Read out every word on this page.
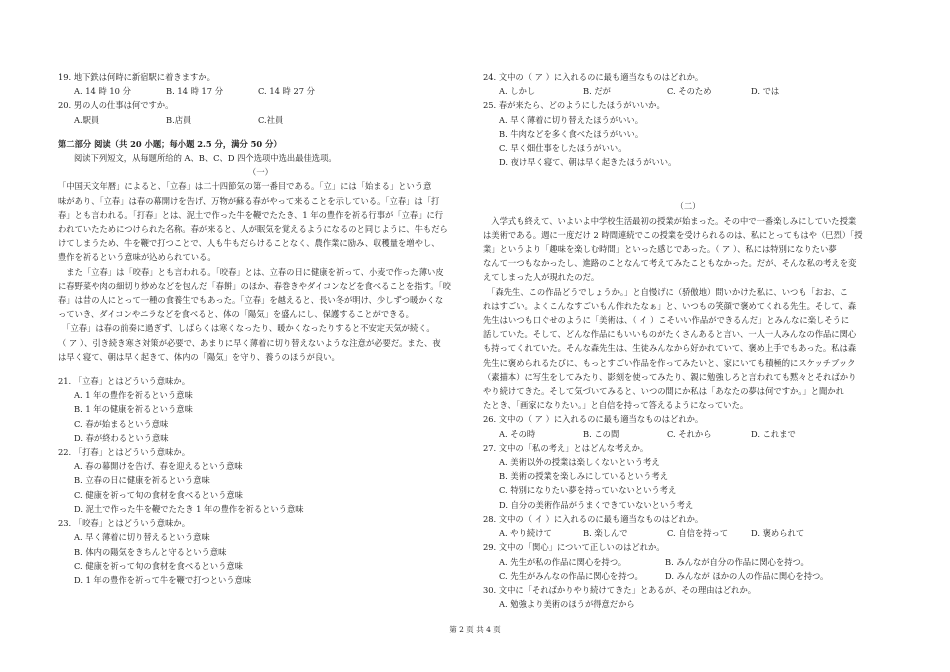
19. 地下鉄は何時に新宿駅に着きますか。
A. 14 時 10 分	B. 14 時 17 分	C. 14 時 27 分
20. 男の人の仕事は何ですか。
A.駅員	B.店員	C.社員
第二部分 阅读（共 20 小题；每小题 2.5 分，满分 50 分）
阅读下列短文，从每题所给的 A、B、C、D 四个选项中选出最佳选项。
（一）
「中国天文年暦」によると、「立春」は二十四節気の第一番目である。「立」には「始まる」という意
味があり、「立春」は春の幕開けを告げ、万物が蘇る春がやって来ることを示している。「立春」は「打
春」とも言われる。「打春」とは、泥土で作った牛を鞭でたたき、1 年の豊作を祈る行事が「立春」に行
われていたためにつけられた名称。春が来ると、人が眠気を覚えるようになるのと同じように、牛もだら
けてしまうため、牛を鞭で打つことで、人も牛もだらけることなく、農作業に励み、収穫量を増やし、
豊作を祈るという意味が込められている。
　また「立春」は「咬春」とも言われる。「咬春」とは、立春の日に健康を祈って、小麦で作った薄い皮
に春野菜や肉の細切り炒めなどを包んだ「春餅」のほか、春巻きやダイコンなどを食べることを指す。「咬
春」は昔の人にとって一種の食養生でもあった。「立春」を越えると、長い冬が明け、少しずつ暖かくな
っていき、ダイコンやニラなどを食べると、体の「陽気」を盛んにし、保護することができる。
　「立春」は春の前奏に過ぎず、しばらくは寒くなったり、暖かくなったりすると不安定天気が続く。
（ ア ）、引き続き寒さ対策が必要で、あまりに早く薄着に切り替えないような注意が必要だ。また、夜
は早く寝て、朝は早く起きて、体内の「陽気」を守り、養うのほうが良い。
21. 「立春」とはどういう意味か。
A. 1 年の豊作を祈るという意味
B. 1 年の健康を祈るという意味
C. 春が始まるという意味
D. 春が終わるという意味
22. 「打春」とはどういう意味か。
A. 春の幕開けを告げ、春を迎えるという意味
B. 立春の日に健康を祈るという意味
C. 健康を祈って旬の食材を食べるという意味
D. 泥土で作った牛を鞭でたたき 1 年の豊作を祈るという意味
23. 「咬春」とはどういう意味か。
A. 早く薄着に切り替えるという意味
B. 体内の陽気をきちんと守るという意味
C. 健康を祈って旬の食材を食べるという意味
D. 1 年の豊作を祈って牛を鞭で打つという意味
24. 文中の（ ア ）に入れるのに最も適当なものはどれか。
A. しかし	B. だが	C. そのため	D. では
25. 春が来たら、どのようにしたほうがいいか。
A. 早く薄着に切り替えたほうがいい。
B. 牛肉などを多く食べたほうがいい。
C. 早く畑仕事をしたほうがいい。
D. 夜け早く寝て、朝は早く起きたほうがいい。
（二）
　入学式も終えて、いよいよ中学校生活最初の授業が始まった。その中で一番楽しみにしていた授業
は美術である。週に一度だけ 2 時間連続でこの授業を受けられるのは、私にとってもはや（巳烈）「授
業」というより「趣味を楽しむ時間」といった感じであった。（ ア ）、私には特別になりたい夢
なんて一つもなかったし、進路のことなんて考えてみたこともなかった。だが、そんな私の考えを変
えてしまった人が現れたのだ。
　「森先生、この作品どうでしょうか。」と自慢げに（骄傲地）問いかけた私に、いつも「おお、こ
れはすごい。よくこんなすごいもん作れたなぁ」と、いつもの笑顔で褒めてくれる先生。そして、森
先生はいつも口ぐせのように「美術は、（ イ ）こそいい作品ができるんだ」とみんなに楽しそうに
話していた。そして、どんな作品にもいいものがたくさんあると言い、一人一人みんなの作品に関心
も持ってくれていた。そんな森先生は、生徒みんなから好かれていて、褒め上手でもあった。私は森
先生に褒められるたびに、もっとすごい作品を作ってみたいと、家にいても積極的にスケッチブック
（素描本）に写生をしてみたり、影刻を使ってみたり、親に勉強しろと言われても黙々とそればかり
やり続けてきた。そして気づいてみると、いつの間にか私は「あなたの夢は何ですか。」と聞かれ
たとき、「画家になりたい。」と自信を持って答えるようになっていた。
26. 文中の（ ア ）に入れるのに最も適当なものはどれか。
A. その時	B. この間	C. それから	D. これまで
27. 文中の「私の考え」とはどんな考えか。
A. 美術以外の授業は楽しくないという考え
B. 美術の授業を楽しみにしているという考え
C. 特別になりたい夢を持っていないという考え
D. 自分の美術作品がうまくできていないという考え
28. 文中の（ イ ）に入れるのに最も適当なものはどれか。
A. やり続けて	B. 楽しんで	C. 自信を持って	D. 褒められて
29. 文中の「関心」について正しいのはどれか。
A. 先生が私の作品に関心を持つ。	B. みんなが自分の作品に関心を持つ。
C. 先生がみんなの作品に関心を持つ。	D. みんなが ほかの人の作品に関心を持つ。
30. 文中に「そればかりやり続けてきた」とあるが、その理由はどれか。
A. 勉強より美術のほうが得意だから
第 2 页 共 4 页
